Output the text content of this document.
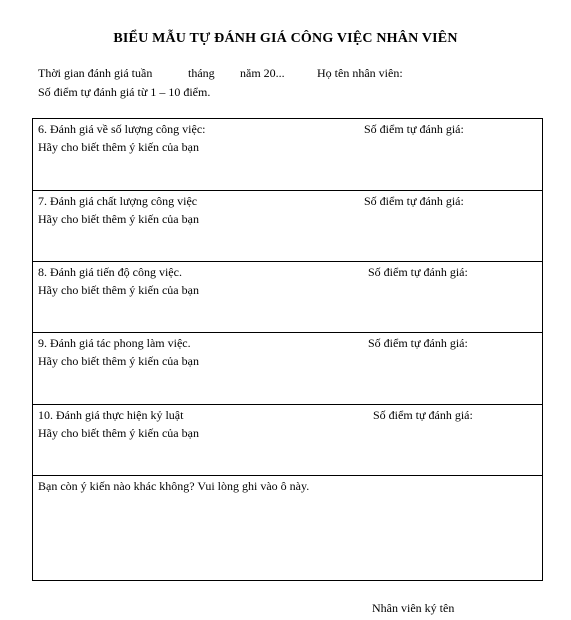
BIỂU MẪU TỰ ĐÁNH GIÁ CÔNG VIỆC NHÂN VIÊN
Thời gian đánh giá tuần	tháng năm 20...	Họ tên nhân viên:
Số điểm tự đánh giá từ 1 – 10 điểm.
6. Đánh giá về số lượng công việc:	Số điểm tự đánh giá:
Hãy cho biết thêm ý kiến của bạn
7. Đánh giá chất lượng công việc	Số điểm tự đánh giá:
Hãy cho biết thêm ý kiến của bạn
8. Đánh giá tiến độ công việc.	Số điểm tự đánh giá:
Hãy cho biết thêm ý kiến của bạn
9. Đánh giá tác phong làm việc.	Số điểm tự đánh giá:
Hãy cho biết thêm ý kiến của bạn
10. Đánh giá thực hiện kỷ luật	Số điểm tự đánh giá:
Hãy cho biết thêm ý kiến của bạn
Bạn còn ý kiến nào khác không? Vui lòng ghi vào ô này.
Nhân viên ký tên
